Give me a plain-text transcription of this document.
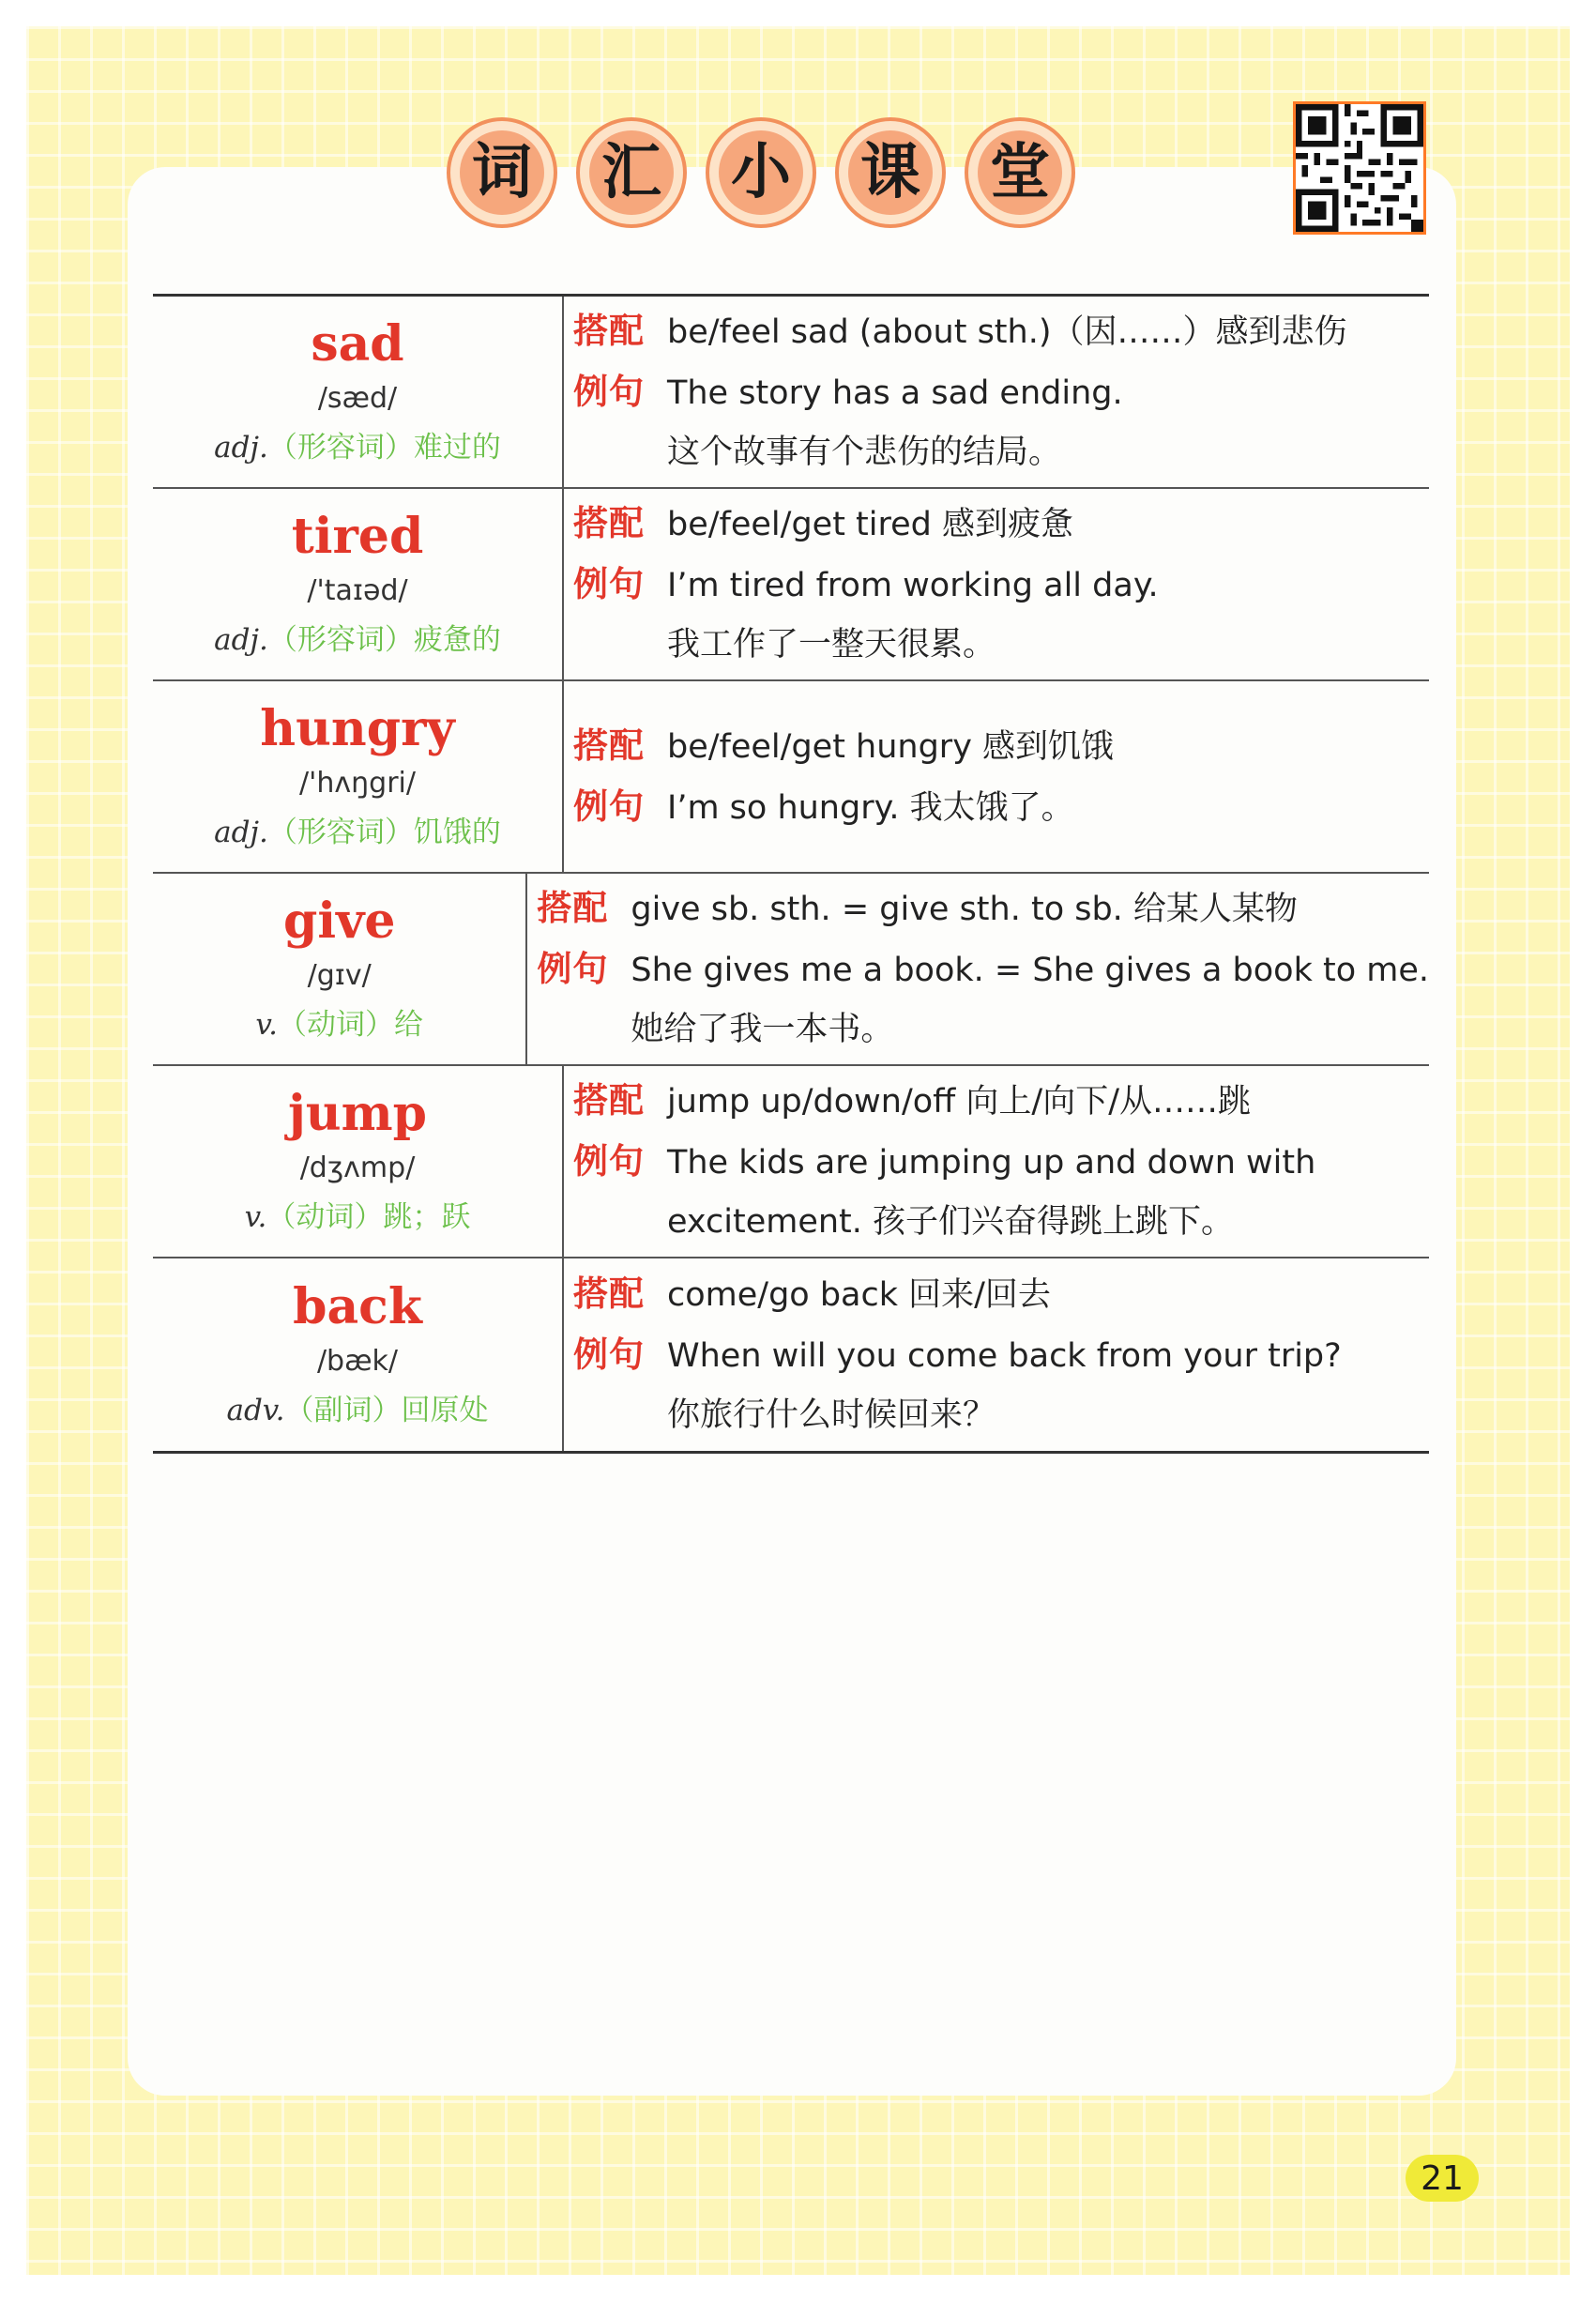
词 汇 小 课 堂
sad
/sæd/
adj.（形容词）难过的
搭配 be/feel sad (about sth.)（因……）感到悲伤
例句 The story has a sad ending.
这个故事有个悲伤的结局。
tired
/'taɪəd/
adj.（形容词）疲惫的
搭配 be/feel/get tired 感到疲惫
例句 I’m tired from working all day.
我工作了一整天很累。
hungry
/'hʌŋgri/
adj.（形容词）饥饿的
搭配 be/feel/get hungry 感到饥饿
例句 I’m so hungry. 我太饿了。
give
/gɪv/
v.（动词）给
搭配 give sb. sth. = give sth. to sb. 给某人某物
例句 She gives me a book. = She gives a book to me.
她给了我一本书。
jump
/dʒʌmp/
v.（动词）跳；跃
搭配 jump up/down/off 向上/向下/从……跳
例句 The kids are jumping up and down with
excitement. 孩子们兴奋得跳上跳下。
back
/bæk/
adv.（副词）回原处
搭配 come/go back 回来/回去
例句 When will you come back from your trip?
你旅行什么时候回来？
21
